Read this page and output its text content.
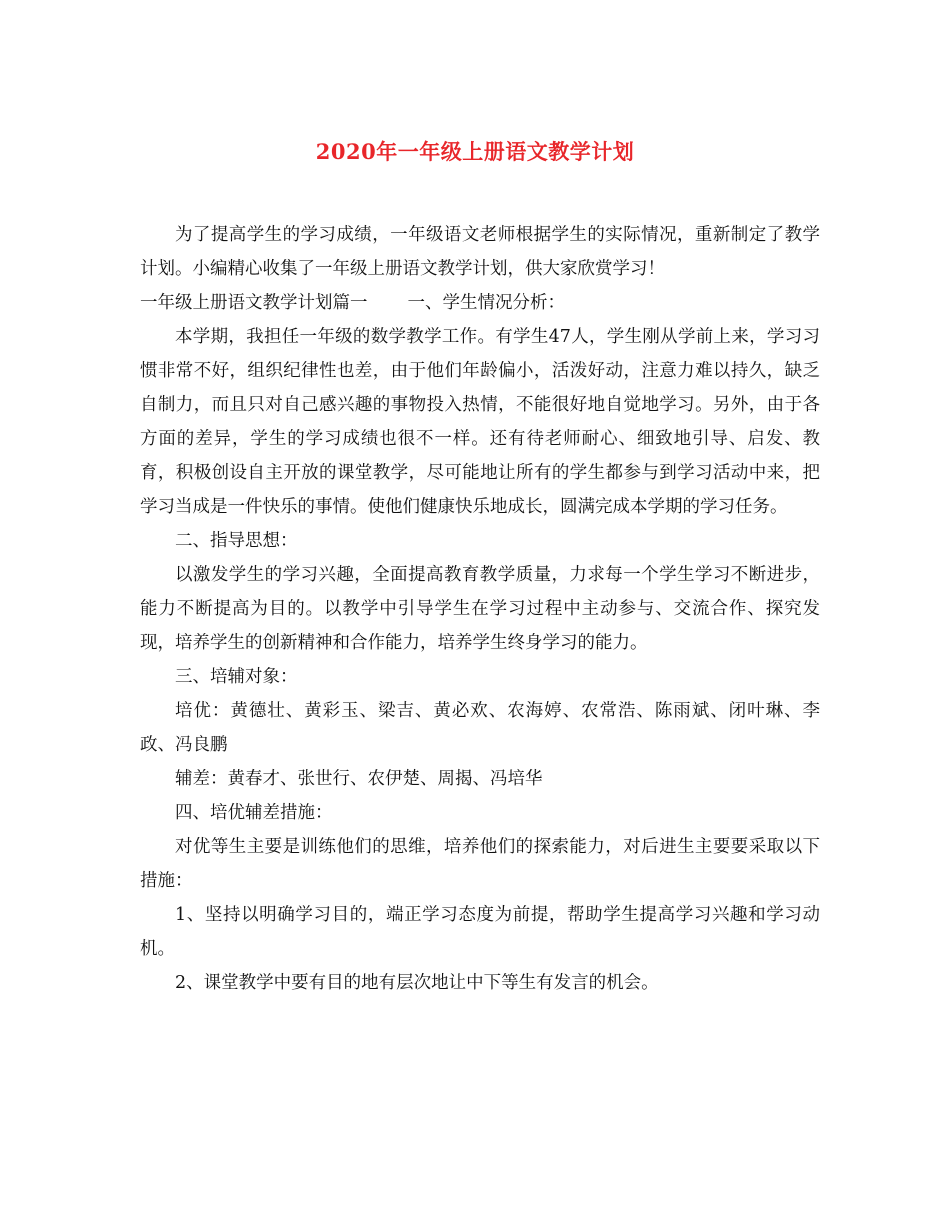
2020年一年级上册语文教学计划

为了提高学生的学习成绩，一年级语文老师根据学生的实际情况，重新制定了教学计划。小编精心收集了一年级上册语文教学计划，供大家欣赏学习！

一年级上册语文教学计划篇一 一、学生情况分析：

本学期，我担任一年级的数学教学工作。有学生47人，学生刚从学前上来，学习习惯非常不好，组织纪律性也差，由于他们年龄偏小，活泼好动，注意力难以持久，缺乏自制力，而且只对自己感兴趣的事物投入热情，不能很好地自觉地学习。另外，由于各方面的差异，学生的学习成绩也很不一样。还有待老师耐心、细致地引导、启发、教育，积极创设自主开放的课堂教学，尽可能地让所有的学生都参与到学习活动中来，把学习当成是一件快乐的事情。使他们健康快乐地成长，圆满完成本学期的学习任务。

二、指导思想：

以激发学生的学习兴趣，全面提高教育教学质量，力求每一个学生学习不断进步，能力不断提高为目的。以教学中引导学生在学习过程中主动参与、交流合作、探究发现，培养学生的创新精神和合作能力，培养学生终身学习的能力。

三、培辅对象：

培优：黄德壮、黄彩玉、梁吉、黄必欢、农海婷、农常浩、陈雨斌、闭叶琳、李政、冯良鹏

辅差：黄春才、张世行、农伊楚、周揭、冯培华

四、培优辅差措施：

对优等生主要是训练他们的思维，培养他们的探索能力，对后进生主要要采取以下措施：

1、坚持以明确学习目的，端正学习态度为前提，帮助学生提高学习兴趣和学习动机。

2、课堂教学中要有目的地有层次地让中下等生有发言的机会。
